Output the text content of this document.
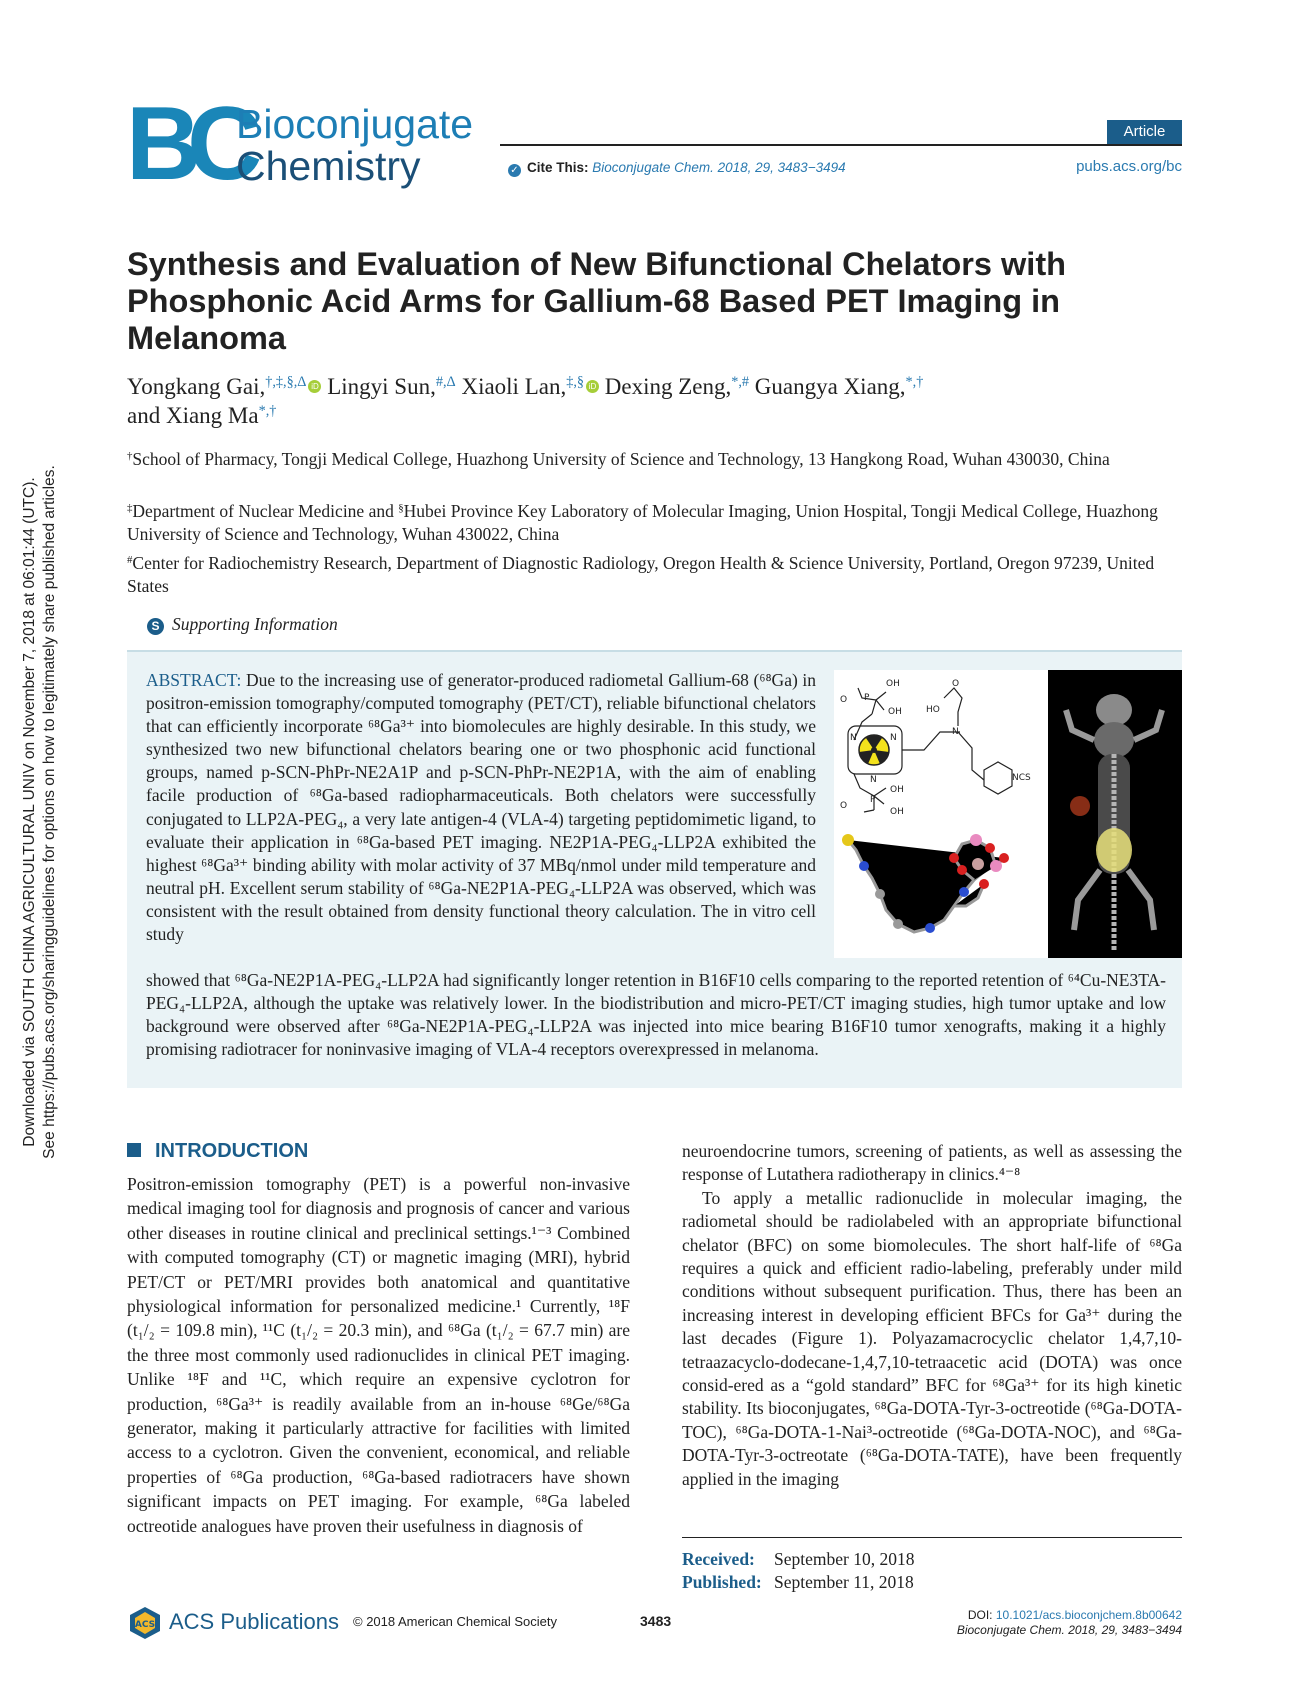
Downloaded via SOUTH CHINA AGRICULTURAL UNIV on November 7, 2018 at 06:01:44 (UTC). See https://pubs.acs.org/sharingguidelines for options on how to legitimately share published articles.
BC
Bioconjugate
Chemistry
Article
✓ Cite This: Bioconjugate Chem. 2018, 29, 3483−3494	pubs.acs.org/bc
Synthesis and Evaluation of New Bifunctional Chelators with Phosphonic Acid Arms for Gallium-68 Based PET Imaging in Melanoma
Yongkang Gai,$^{\dagger,\ddagger,\S,\Delta}$ iD Lingyi Sun,$^{\#,\Delta}$ Xiaoli Lan,‡,§ iD Dexing Zeng,*,# Guangya Xiang,*,†
and Xiang Ma*,†
†School of Pharmacy, Tongji Medical College, Huazhong University of Science and Technology, 13 Hangkong Road, Wuhan 430030, China
‡Department of Nuclear Medicine and §Hubei Province Key Laboratory of Molecular Imaging, Union Hospital, Tongji Medical College, Huazhong University of Science and Technology, Wuhan 430022, China
#Center for Radiochemistry Research, Department of Diagnostic Radiology, Oregon Health & Science University, Portland, Oregon 97239, United States
S Supporting Information
ABSTRACT: Due to the increasing use of generator-produced radiometal Gallium-68 (⁶⁸Ga) in positron-emission tomography/computed tomography (PET/CT), reliable bifunctional chelators that can efficiently incorporate ⁶⁸Ga³⁺ into biomolecules are highly desirable. In this study, we synthesized two new bifunctional chelators bearing one or two phosphonic acid functional groups, named p-SCN-PhPr-NE2A1P and p-SCN-PhPr-NE2P1A, with the aim of enabling facile production of ⁶⁸Ga-based radiopharmaceuticals. Both chelators were successfully conjugated to LLP2A-PEG₄, a very late antigen-4 (VLA-4) targeting peptidomimetic ligand, to evaluate their application in ⁶⁸Ga-based PET imaging. NE2P1A-PEG₄-LLP2A exhibited the highest ⁶⁸Ga³⁺ binding ability with molar activity of 37 MBq/nmol under mild temperature and neutral pH. Excellent serum stability of ⁶⁸Ga-NE2P1A-PEG₄-LLP2A was observed, which was consistent with the result obtained from density functional theory calculation. The in vitro cell study
showed that ⁶⁸Ga-NE2P1A-PEG₄-LLP2A had significantly longer retention in B16F10 cells comparing to the reported retention of ⁶⁴Cu-NE3TA-PEG₄-LLP2A, although the uptake was relatively lower. In the biodistribution and micro-PET/CT imaging studies, high tumor uptake and low background were observed after ⁶⁸Ga-NE2P1A-PEG₄-LLP2A was injected into mice bearing B16F10 tumor xenografts, making it a highly promising radiotracer for noninvasive imaging of VLA-4 receptors overexpressed in melanoma.
OH
O P
OH	HO
O
N	N
N
N
NCS
O
P
OH
OH
INTRODUCTION

Positron-emission tomography (PET) is a powerful non-invasive medical imaging tool for diagnosis and prognosis of cancer and various other diseases in routine clinical and preclinical settings.¹⁻³ Combined with computed tomography (CT) or magnetic imaging (MRI), hybrid PET/CT or PET/MRI provides both anatomical and quantitative physiological information for personalized medicine.¹ Currently, ¹⁸F (t₁/₂ = 109.8 min), ¹¹C (t₁/₂ = 20.3 min), and ⁶⁸Ga (t₁/₂ = 67.7 min) are the three most commonly used radionuclides in clinical PET imaging. Unlike ¹⁸F and ¹¹C, which require an expensive cyclotron for production, ⁶⁸Ga³⁺ is readily available from an in-house ⁶⁸Ge/⁶⁸Ga generator, making it particularly attractive for facilities with limited access to a cyclotron. Given the convenient, economical, and reliable properties of ⁶⁸Ga production, ⁶⁸Ga-based radiotracers have shown significant impacts on PET imaging. For example, ⁶⁸Ga labeled octreotide analogues have proven their usefulness in diagnosis of

neuroendocrine tumors, screening of patients, as well as assessing the response of Lutathera radiotherapy in clinics.⁴⁻⁸

To apply a metallic radionuclide in molecular imaging, the radiometal should be radiolabeled with an appropriate bifunctional chelator (BFC) on some biomolecules. The short half-life of ⁶⁸Ga requires a quick and efficient radio-labeling, preferably under mild conditions without subsequent purification. Thus, there has been an increasing interest in developing efficient BFCs for Ga³⁺ during the last decades (Figure 1). Polyazamacrocyclic chelator 1,4,7,10-tetraazacyclo-dodecane-1,4,7,10-tetraacetic acid (DOTA) was once consid-ered as a “gold standard” BFC for ⁶⁸Ga³⁺ for its high kinetic stability. Its bioconjugates, ⁶⁸Ga-DOTA-Tyr-3-octreotide (⁶⁸Ga-DOTA-TOC), ⁶⁸Ga-DOTA-1-Nai³-octreotide (⁶⁸Ga-DOTA-NOC), and ⁶⁸Ga-DOTA-Tyr-3-octreotate (⁶⁸Ga-DOTA-TATE), have been frequently applied in the imaging

Received: September 10, 2018
Published: September 11, 2018
ACS ACS Publications © 2018 American Chemical Society	3483	DOI: 10.1021/acs.bioconjchem.8b00642
Bioconjugate Chem. 2018, 29, 3483−3494
